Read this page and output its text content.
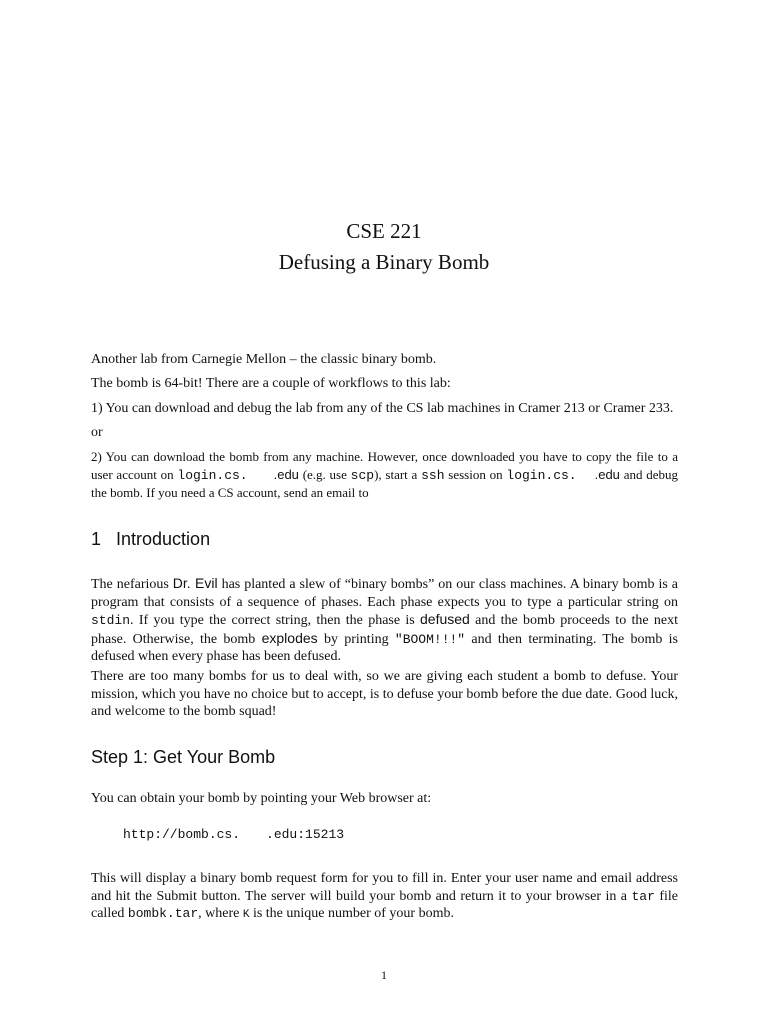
CSE 221
Defusing a Binary Bomb
Another lab from Carnegie Mellon – the classic binary bomb.
The bomb is 64-bit! There are a couple of workflows to this lab:
1) You can download and debug the lab from any of the CS lab machines in Cramer 213 or Cramer 233.
or
2) You can download the bomb from any machine. However, once downloaded you have to copy the file to a user account on login.cs. .edu (e.g. use scp), start a ssh session on login.cs. .edu and debug the bomb. If you need a CS account, send an email to
1 Introduction
The nefarious Dr. Evil has planted a slew of “binary bombs” on our class machines. A binary bomb is a program that consists of a sequence of phases. Each phase expects you to type a particular string on stdin. If you type the correct string, then the phase is defused and the bomb proceeds to the next phase. Otherwise, the bomb explodes by printing "BOOM!!!" and then terminating. The bomb is defused when every phase has been defused.
There are too many bombs for us to deal with, so we are giving each student a bomb to defuse. Your mission, which you have no choice but to accept, is to defuse your bomb before the due date. Good luck, and welcome to the bomb squad!
Step 1: Get Your Bomb
You can obtain your bomb by pointing your Web browser at:
http://bomb.cs. .edu:15213
This will display a binary bomb request form for you to fill in. Enter your user name and email address and hit the Submit button. The server will build your bomb and return it to your browser in a tar file called bombk.tar, where K is the unique number of your bomb.
1
